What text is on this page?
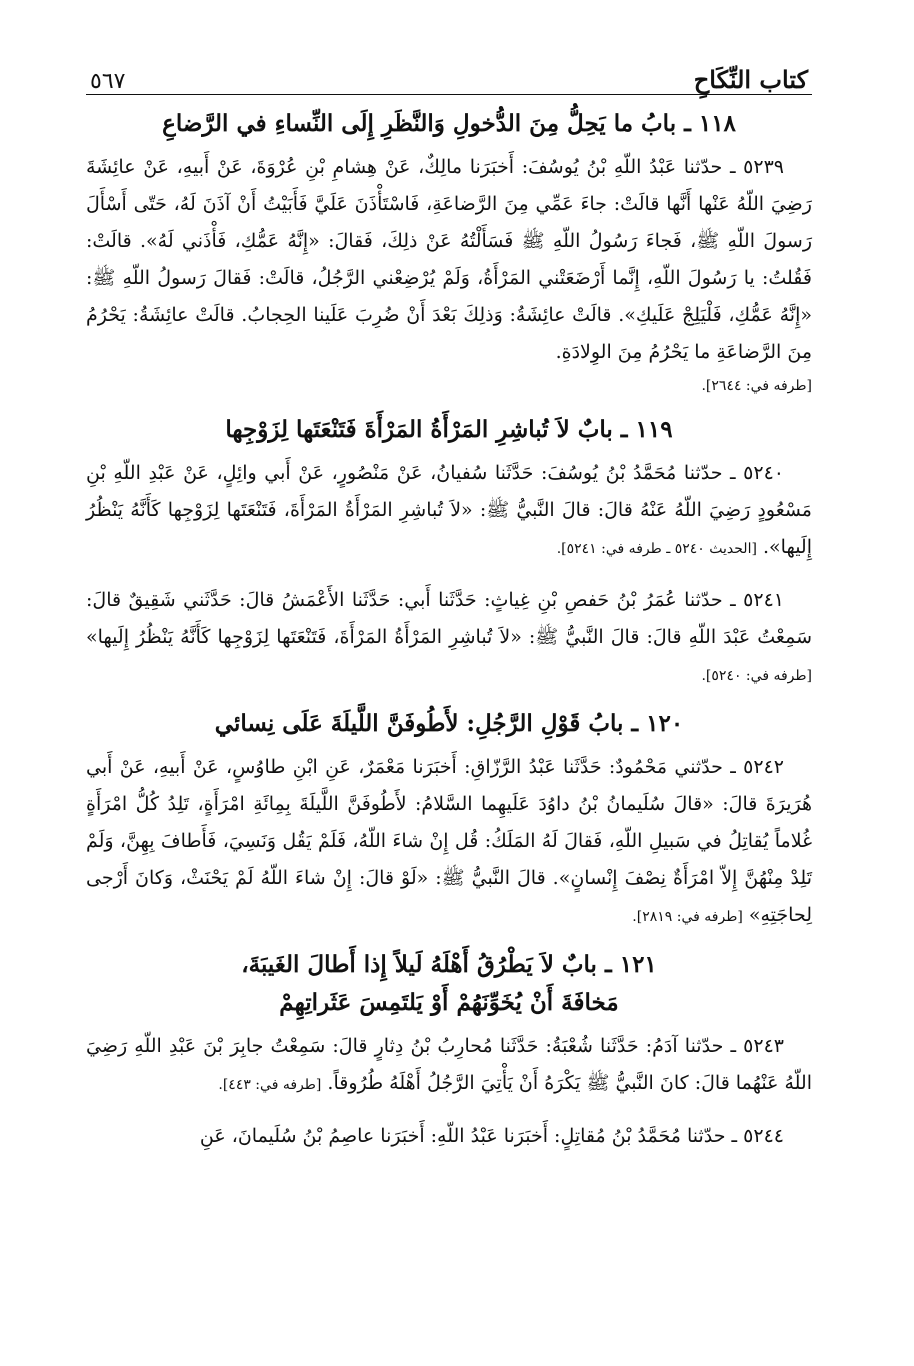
كتاب النِّكَاحِ
٥٦٧
١١٨ ـ بابُ ما يَحِلُّ مِنَ الدُّخولِ وَالنَّظَرِ إِلَى النِّساءِ في الرَّضاعِ

٥٢٣٩ ـ حدّثنا عَبْدُ اللّهِ بْنُ يُوسُفَ: أَخبَرَنا مالِكٌ، عَنْ هِشامِ بْنِ عُرْوَةَ، عَنْ أَبيهِ، عَنْ عائِشَةَ رَضِيَ اللّهُ عَنْها أَنَّها قالَتْ: جاءَ عَمِّي مِنَ الرَّضاعَةِ، فَاسْتَأْذَنَ عَلَيَّ فَأَبَيْتُ أَنْ آذَنَ لَهُ، حَتّى أَسْأَلَ رَسولَ اللّهِ ﷺ، فَجاءَ رَسُولُ اللّهِ ﷺ فَسَأَلْتُهُ عَنْ ذلِكَ، فَقالَ: «إِنَّهُ عَمُّكِ، فَأْذَني لَهُ». قالَتْ: فَقُلتُ: يا رَسُولَ اللّهِ، إِنَّما أَرْضَعَتْني المَرْأَةُ، وَلَمْ يُرْضِعْني الرَّجُلُ، قالَتْ: فَقالَ رَسولُ اللّهِ ﷺ: «إِنَّهُ عَمُّكِ، فَلْيَلِجْ عَلَيكِ». قالَتْ عائِشَةُ: وَذلِكَ بَعْدَ أَنْ ضُرِبَ عَلَينا الحِجابُ. قالَتْ عائِشَةُ: يَحْرُمُ مِنَ الرَّضاعَةِ ما يَحْرُمُ مِنَ الوِلادَةِ.

[طرفه في: ٢٦٤٤].

١١٩ ـ بابٌ لاَ تُباشِرِ المَرْأَةُ المَرْأَةَ فَتَنْعَتَها لِزَوْجِها

٥٢٤٠ ـ حدّثنا مُحَمَّدُ بْنُ يُوسُفَ: حَدَّثَنا سُفيانُ، عَنْ مَنْصُورٍ، عَنْ أَبي وائِلٍ، عَنْ عَبْدِ اللّهِ بْنِ مَسْعُودٍ رَضِيَ اللّهُ عَنْهُ قالَ: قالَ النَّبيُّ ﷺ: «لاَ تُباشِرِ المَرْأَةُ المَرْأَةَ، فَتَنْعَتَها لِزَوْجِها كَأَنَّهُ يَنْظُرُ إِلَيها». [الحديث ٥٢٤٠ ـ طرفه في: ٥٢٤١].

٥٢٤١ ـ حدّثنا عُمَرُ بْنُ حَفصِ بْنِ غِياثٍ: حَدَّثَنا أَبي: حَدَّثَنا الأَعْمَشُ قالَ: حَدَّثَني شَقِيقٌ قالَ: سَمِعْتُ عَبْدَ اللّهِ قالَ: قالَ النَّبيُّ ﷺ: «لاَ تُباشِرِ المَرْأَةُ المَرْأَةَ، فَتَنْعَتَها لِزَوْجِها كَأَنَّهُ يَنْظُرُ إِلَيها» [طرفه في: ٥٢٤٠].

١٢٠ ـ بابُ قَوْلِ الرَّجُلِ: لأَطُوفَنَّ اللَّيلَةَ عَلَى نِسائي

٥٢٤٢ ـ حدّثني مَحْمُودٌ: حَدَّثَنا عَبْدُ الرَّزّاقِ: أَخبَرَنا مَعْمَرٌ، عَنِ ابْنِ طاوُسٍ، عَنْ أَبيهِ، عَنْ أَبي هُرَيرَةَ قالَ: «قالَ سُلَيمانُ بْنُ داوُدَ عَلَيهِما السَّلامُ: لأَطُوفَنَّ اللَّيلَةَ بِمِائَةِ امْرَأَةٍ، تَلِدُ كُلُّ امْرَأَةٍ غُلاماً يُقاتِلُ في سَبيلِ اللّهِ، فَقالَ لَهُ المَلَكُ: قُل إِنْ شاءَ اللّهُ، فَلَمْ يَقُل وَنَسِيَ، فَأَطافَ بِهِنَّ، وَلَمْ تَلِدْ مِنْهُنَّ إِلاّ امْرَأَةٌ نِصْفَ إِنْسانٍ». قالَ النَّبيُّ ﷺ: «لَوْ قالَ: إِنْ شاءَ اللّهُ لَمْ يَحْنَثْ، وَكانَ أَرْجى لِحاجَتِهِ» [طرفه في: ٢٨١٩].

١٢١ ـ بابٌ لاَ يَطْرُقُ أَهْلَهُ لَيلاً إِذا أَطالَ الغَيبَةَ،
مَخافَةَ أَنْ يُخَوِّنَهُمْ أَوْ يَلتَمِسَ عَثَراتِهِمْ

٥٢٤٣ ـ حدّثنا آدَمُ: حَدَّثَنا شُعْبَةُ: حَدَّثَنا مُحارِبُ بْنُ دِثارٍ قالَ: سَمِعْتُ جابِرَ بْنَ عَبْدِ اللّهِ رَضِيَ اللّهُ عَنْهُما قالَ: كانَ النَّبيُّ ﷺ يَكْرَهُ أَنْ يَأْتِيَ الرَّجُلُ أَهْلَهُ طُرُوقاً. [طرفه في: ٤٤٣].

٥٢٤٤ ـ حدّثنا مُحَمَّدُ بْنُ مُقاتِلٍ: أَخبَرَنا عَبْدُ اللّهِ: أَخبَرَنا عاصِمُ بْنُ سُلَيمانَ، عَنِ
